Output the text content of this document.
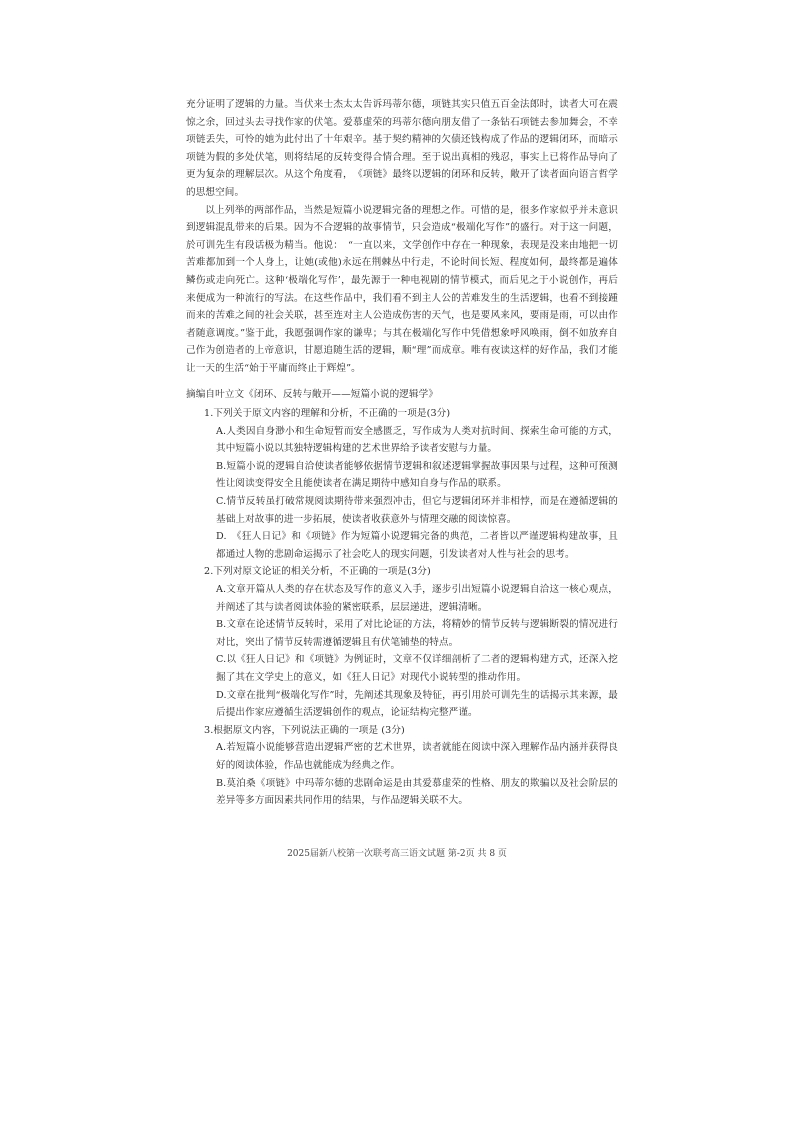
充分证明了逻辑的力量。当伏来士杰太太告诉玛蒂尔德，项链其实只值五百金法郎时，读者大可在震惊之余，回过头去寻找作家的伏笔。爱慕虚荣的玛蒂尔德向朋友借了一条钻石项链去参加舞会，不幸项链丢失，可怜的她为此付出了十年艰辛。基于契约精神的欠债还钱构成了作品的逻辑闭环，而暗示项链为假的多处伏笔，则将结尾的反转变得合情合理。至于说出真相的残忍，事实上已将作品导向了更为复杂的理解层次。从这个角度看，　《项链》最终以逻辑的闭环和反转，敞开了读者面向语言哲学的思想空间。

以上列举的两部作品，当然是短篇小说逻辑完备的理想之作。可惜的是，很多作家似乎并未意识到逻辑混乱带来的后果。因为不合逻辑的故事情节，只会造成“极端化写作”的盛行。对于这一问题，於可训先生有段话极为精当。他说：　“一直以来，文学创作中存在一种现象，表现是没来由地把一切苦难都加到一个人身上，让她(或他)永远在荆棘丛中行走，不论时间长短、程度如何，最终都是遍体鳞伤或走向死亡。这种‘极端化写作’，最先源于一种电视剧的情节模式，而后见之于小说创作，再后来便成为一种流行的写法。在这些作品中，我们看不到主人公的苦难发生的生活逻辑，也看不到接踵而来的苦难之间的社会关联，甚至连对主人公造成伤害的天气，也是要风来风，要雨是雨，可以由作者随意调度。”鉴于此，我愿强调作家的谦卑；与其在极端化写作中凭借想象呼风唤雨，倒不如放弃自己作为创造者的上帝意识，甘愿追随生活的逻辑，顺“理”而成章。唯有夜读这样的好作品，我们才能让一天的生活“始于平庸而终止于辉煌”。

摘编自叶立文《闭环、反转与敞开——短篇小说的逻辑学》

1.下列关于原文内容的理解和分析，不正确的一项是(3分)

A.人类因自身渺小和生命短暂而安全感匮乏，写作成为人类对抗时间、探索生命可能的方式，其中短篇小说以其独特逻辑构建的艺术世界给予读者安慰与力量。

B.短篇小说的逻辑自洽使读者能够依据情节逻辑和叙述逻辑掌握故事因果与过程，这种可预测性让阅读变得安全且能使读者在满足期待中感知自身与作品的联系。

C.情节反转虽打破常规阅读期待带来强烈冲击，但它与逻辑闭环并非相悖，而是在遵循逻辑的基础上对故事的进一步拓展，使读者收获意外与情理交融的阅读惊喜。

D.　《狂人日记》和《项链》作为短篇小说逻辑完备的典范，二者皆以严谨逻辑构建故事，且都通过人物的悲剧命运揭示了社会吃人的现实问题，引发读者对人性与社会的思考。

2.下列对原文论证的相关分析，不正确的一项是(3分)

A.文章开篇从人类的存在状态及写作的意义入手，逐步引出短篇小说逻辑自洽这一核心观点，并阐述了其与读者阅读体验的紧密联系，层层递进，逻辑清晰。

B.文章在论述情节反转时，采用了对比论证的方法，将精妙的情节反转与逻辑断裂的情况进行对比，突出了情节反转需遵循逻辑且有伏笔铺垫的特点。

C.以《狂人日记》和《项链》为例证时，文章不仅详细剖析了二者的逻辑构建方式，还深入挖掘了其在文学史上的意义，如《狂人日记》对现代小说转型的推动作用。

D.文章在批判“极端化写作”时，先阐述其现象及特征，再引用於可训先生的话揭示其来源，最后提出作家应遵循生活逻辑创作的观点，论证结构完整严谨。

3.根据原文内容，下列说法正确的一项是 (3分)

A.若短篇小说能够营造出逻辑严密的艺术世界，读者就能在阅读中深入理解作品内涵并获得良好的阅读体验，作品也就能成为经典之作。

B.莫泊桑《项链》中玛蒂尔德的悲剧命运是由其爱慕虚荣的性格、朋友的欺骗以及社会阶层的差异等多方面因素共同作用的结果，与作品逻辑关联不大。

2025届新八校第一次联考高三语文试题 第-2页 共 8 页
